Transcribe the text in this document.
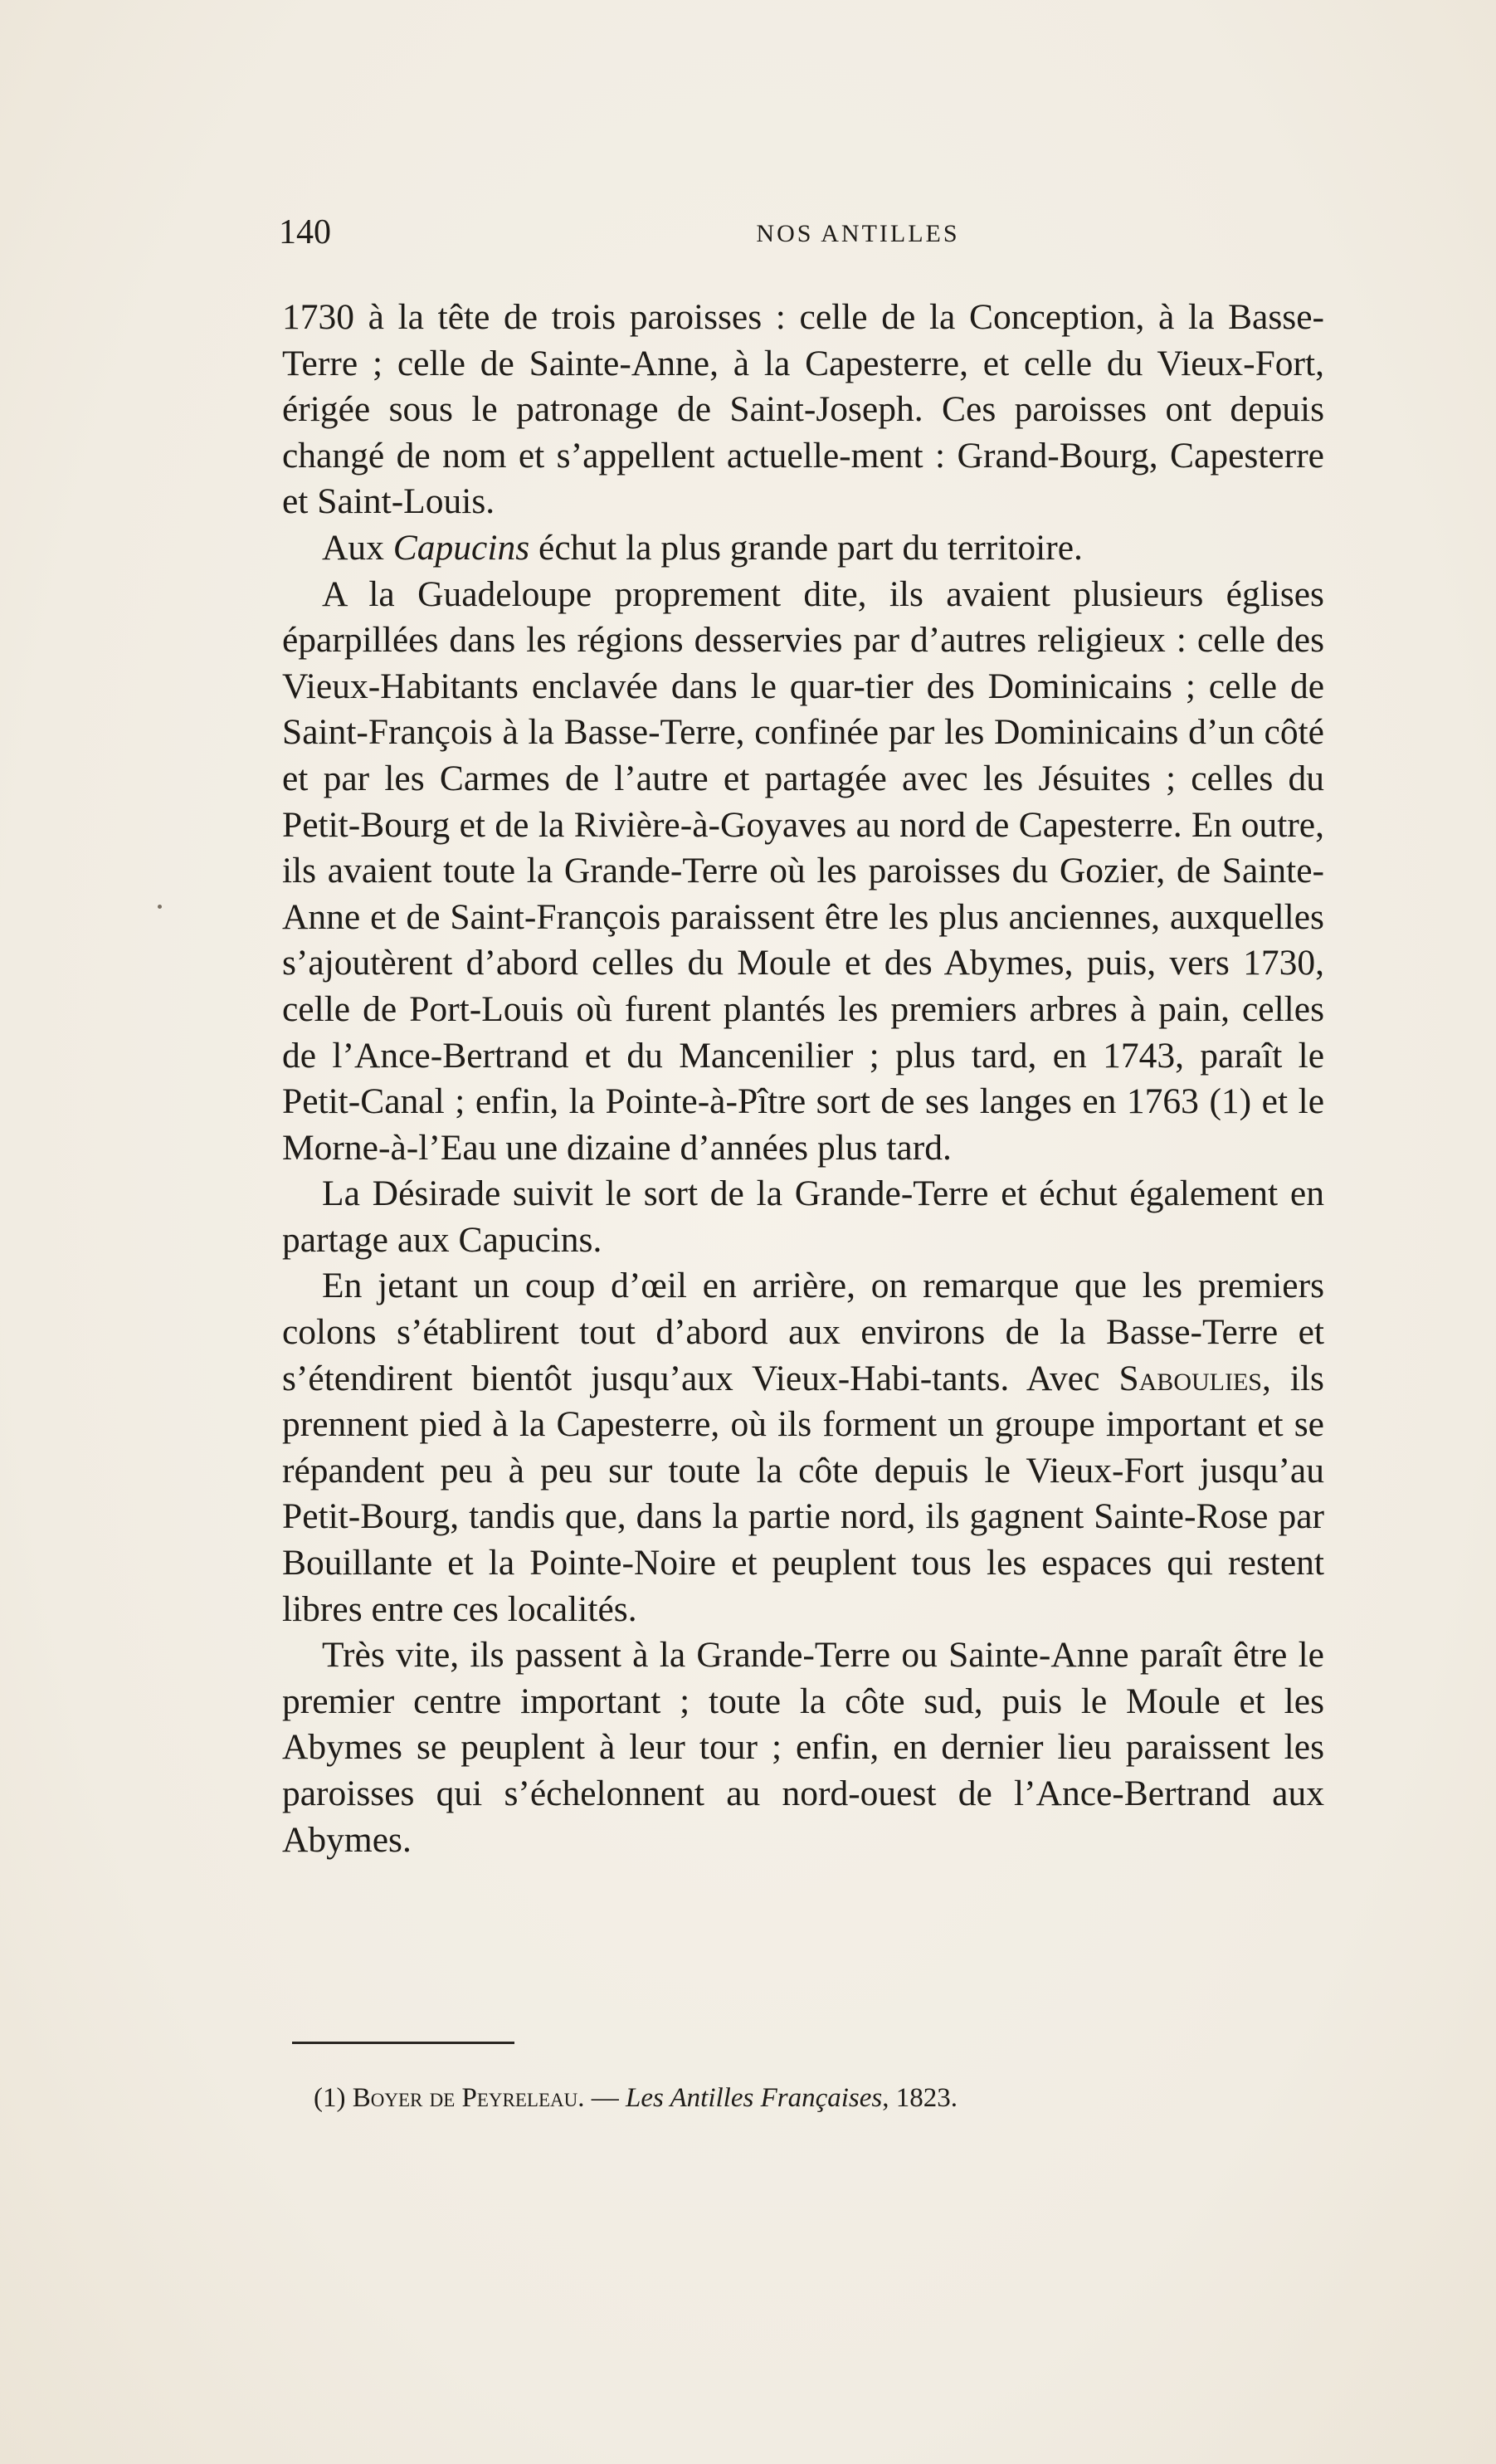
140	NOS ANTILLES

1730 à la tête de trois paroisses : celle de la Conception, à la Basse-Terre ; celle de Sainte-Anne, à la Capesterre, et celle du Vieux-Fort, érigée sous le patronage de Saint-Joseph. Ces paroisses ont depuis changé de nom et s’appellent actuelle-ment : Grand-Bourg, Capesterre et Saint-Louis.

Aux Capucins échut la plus grande part du territoire.

A la Guadeloupe proprement dite, ils avaient plusieurs églises éparpillées dans les régions desservies par d’autres religieux : celle des Vieux-Habitants enclavée dans le quar-tier des Dominicains ; celle de Saint-François à la Basse-Terre, confinée par les Dominicains d’un côté et par les Carmes de l’autre et partagée avec les Jésuites ; celles du Petit-Bourg et de la Rivière-à-Goyaves au nord de Capesterre. En outre, ils avaient toute la Grande-Terre où les paroisses du Gozier, de Sainte-Anne et de Saint-François paraissent être les plus anciennes, auxquelles s’ajoutèrent d’abord celles du Moule et des Abymes, puis, vers 1730, celle de Port-Louis où furent plantés les premiers arbres à pain, celles de l’Ance-Bertrand et du Mancenilier ; plus tard, en 1743, paraît le Petit-Canal ; enfin, la Pointe-à-Pître sort de ses langes en 1763 (1) et le Morne-à-l’Eau une dizaine d’années plus tard.

La Désirade suivit le sort de la Grande-Terre et échut également en partage aux Capucins.

En jetant un coup d’œil en arrière, on remarque que les premiers colons s’établirent tout d’abord aux environs de la Basse-Terre et s’étendirent bientôt jusqu’aux Vieux-Habi-tants. Avec Saboulies, ils prennent pied à la Capesterre, où ils forment un groupe important et se répandent peu à peu sur toute la côte depuis le Vieux-Fort jusqu’au Petit-Bourg, tandis que, dans la partie nord, ils gagnent Sainte-Rose par Bouillante et la Pointe-Noire et peuplent tous les espaces qui restent libres entre ces localités.

Très vite, ils passent à la Grande-Terre ou Sainte-Anne paraît être le premier centre important ; toute la côte sud, puis le Moule et les Abymes se peuplent à leur tour ; enfin, en dernier lieu paraissent les paroisses qui s’échelonnent au nord-ouest de l’Ance-Bertrand aux Abymes.

(1) Boyer de Peyreleau. — Les Antilles Françaises, 1823.
